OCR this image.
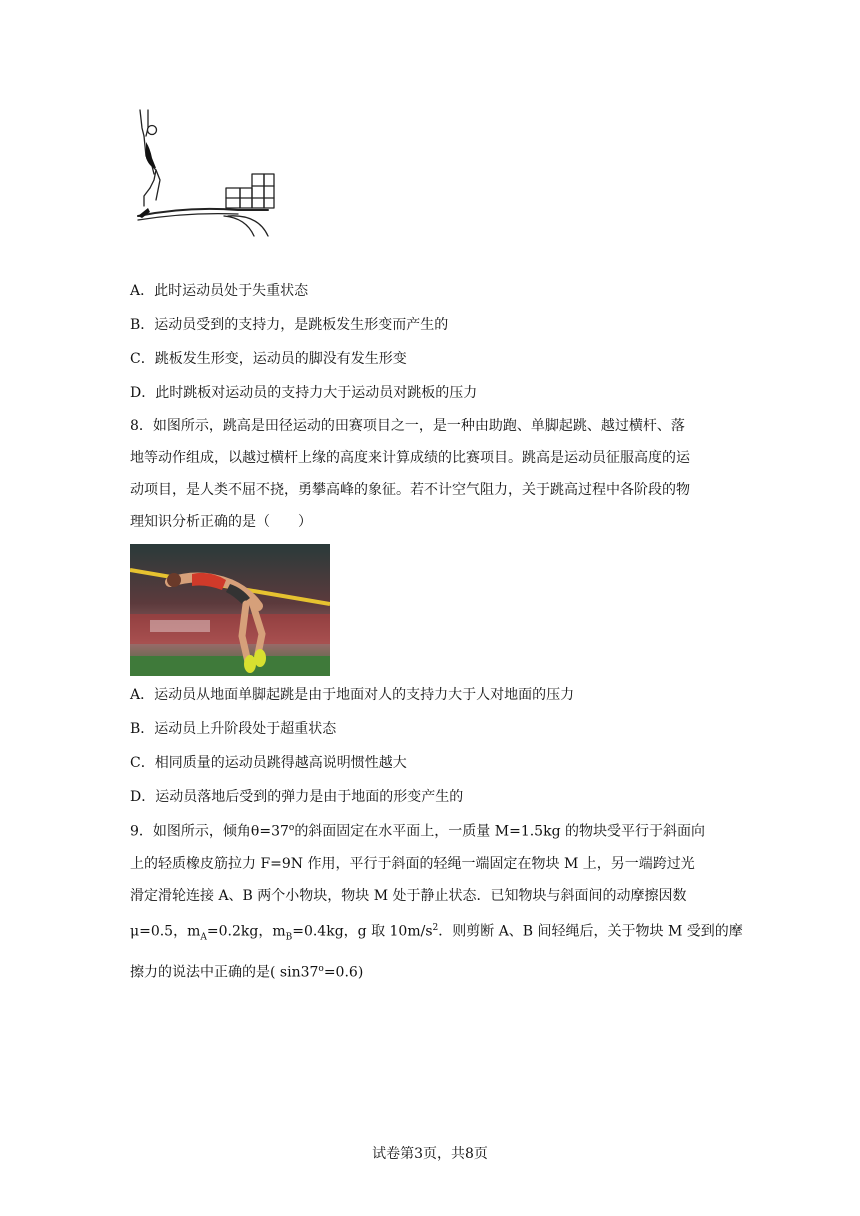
A．此时运动员处于失重状态
B．运动员受到的支持力，是跳板发生形变而产生的
C．跳板发生形变，运动员的脚没有发生形变
D．此时跳板对运动员的支持力大于运动员对跳板的压力
8．如图所示，跳高是田径运动的田赛项目之一，是一种由助跑、单脚起跳、越过横杆、落
地等动作组成，以越过横杆上缘的高度来计算成绩的比赛项目。跳高是运动员征服高度的运
动项目，是人类不屈不挠，勇攀高峰的象征。若不计空气阻力，关于跳高过程中各阶段的物
理知识分析正确的是（　　）
A．运动员从地面单脚起跳是由于地面对人的支持力大于人对地面的压力
B．运动员上升阶段处于超重状态
C．相同质量的运动员跳得越高说明惯性越大
D．运动员落地后受到的弹力是由于地面的形变产生的
9．如图所示，倾角$\theta=37^o$的斜面固定在水平面上，一质量 M=1.5kg 的物块受平行于斜面向
上的轻质橡皮筋拉力 F=9N 作用，平行于斜面的轻绳一端固定在物块 M 上，另一端跨过光
滑定滑轮连接 A、B 两个小物块，物块 M 处于静止状态．已知物块与斜面间的动摩擦因数
μ=0.5，$m_A=0.2kg$，$m_B=0.4kg$，g 取 $10m/s^2$．则剪断 A、B 间轻绳后，关于物块 M 受到的摩
擦力的说法中正确的是( $\sin 37^o=0.6$)
试卷第3页，共8页
